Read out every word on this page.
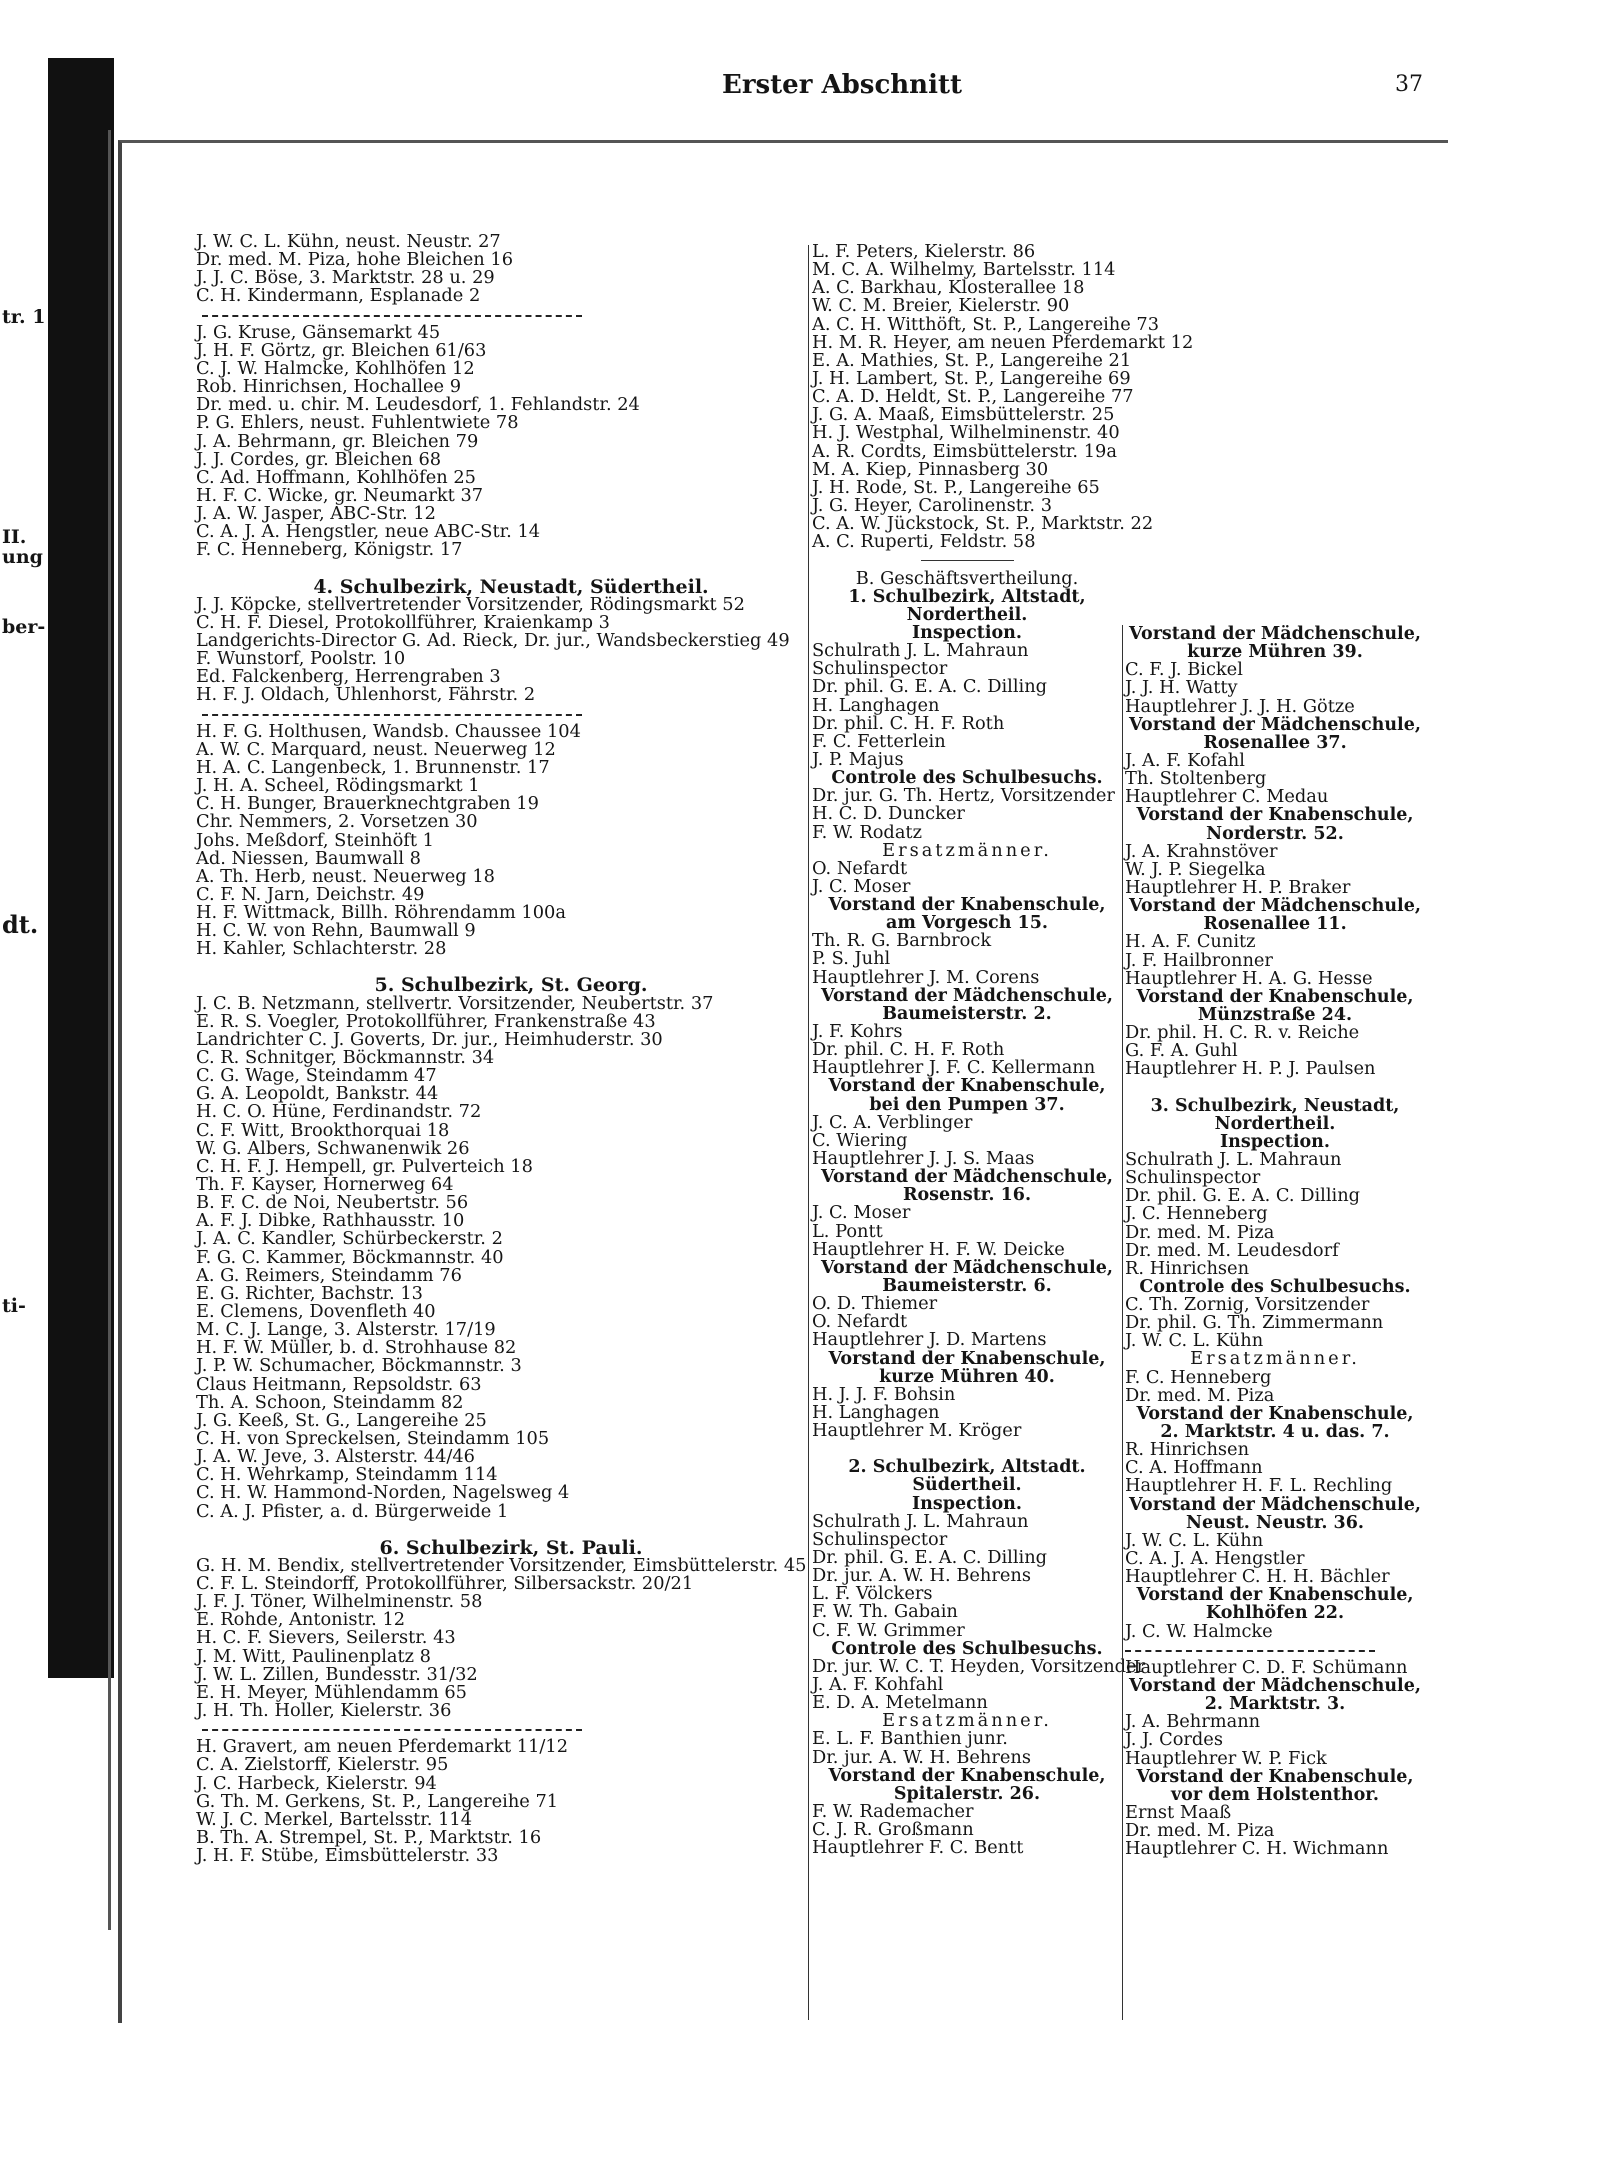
tr. 1
II.
ung
ber-
dt.
ti-
Erster Abschnitt	37
J. W. C. L. Kühn, neust. Neustr. 27
Dr. med. M. Piza, hohe Bleichen 16
J. J. C. Böse, 3. Marktstr. 28 u. 29
C. H. Kindermann, Esplanade 2
J. G. Kruse, Gänsemarkt 45
J. H. F. Görtz, gr. Bleichen 61/63
C. J. W. Halmcke, Kohlhöfen 12
Rob. Hinrichsen, Hochallee 9
Dr. med. u. chir. M. Leudesdorf, 1. Fehlandstr. 24
P. G. Ehlers, neust. Fuhlentwiete 78
J. A. Behrmann, gr. Bleichen 79
J. J. Cordes, gr. Bleichen 68
C. Ad. Hoffmann, Kohlhöfen 25
H. F. C. Wicke, gr. Neumarkt 37
J. A. W. Jasper, ABC-Str. 12
C. A. J. A. Hengstler, neue ABC-Str. 14
F. C. Henneberg, Königstr. 17
4. Schulbezirk, Neustadt, Südertheil.
J. J. Köpcke, stellvertretender Vorsitzender, Rödingsmarkt 52
C. H. F. Diesel, Protokollführer, Kraienkamp 3
Landgerichts-Director G. Ad. Rieck, Dr. jur., Wandsbeckerstieg 49
F. Wunstorf, Poolstr. 10
Ed. Falckenberg, Herrengraben 3
H. F. J. Oldach, Uhlenhorst, Fährstr. 2
H. F. G. Holthusen, Wandsb. Chaussee 104
A. W. C. Marquard, neust. Neuerweg 12
H. A. C. Langenbeck, 1. Brunnenstr. 17
J. H. A. Scheel, Rödingsmarkt 1
C. H. Bunger, Brauerknechtgraben 19
Chr. Nemmers, 2. Vorsetzen 30
Johs. Meßdorf, Steinhöft 1
Ad. Niessen, Baumwall 8
A. Th. Herb, neust. Neuerweg 18
C. F. N. Jarn, Deichstr. 49
H. F. Wittmack, Billh. Röhrendamm 100a
H. C. W. von Rehn, Baumwall 9
H. Kahler, Schlachterstr. 28
5. Schulbezirk, St. Georg.
J. C. B. Netzmann, stellvertr. Vorsitzender, Neubertstr. 37
E. R. S. Voegler, Protokollführer, Frankenstraße 43
Landrichter C. J. Goverts, Dr. jur., Heimhuderstr. 30
C. R. Schnitger, Böckmannstr. 34
C. G. Wage, Steindamm 47
G. A. Leopoldt, Bankstr. 44
H. C. O. Hüne, Ferdinandstr. 72
C. F. Witt, Brookthorquai 18
W. G. Albers, Schwanenwik 26
C. H. F. J. Hempell, gr. Pulverteich 18
Th. F. Kayser, Hornerweg 64
B. F. C. de Noi, Neubertstr. 56
A. F. J. Dibke, Rathhausstr. 10
J. A. C. Kandler, Schürbeckerstr. 2
F. G. C. Kammer, Böckmannstr. 40
A. G. Reimers, Steindamm 76
E. G. Richter, Bachstr. 13
E. Clemens, Dovenfleth 40
M. C. J. Lange, 3. Alsterstr. 17/19
H. F. W. Müller, b. d. Strohhause 82
J. P. W. Schumacher, Böckmannstr. 3
Claus Heitmann, Repsoldstr. 63
Th. A. Schoon, Steindamm 82
J. G. Keeß, St. G., Langereihe 25
C. H. von Spreckelsen, Steindamm 105
J. A. W. Jeve, 3. Alsterstr. 44/46
C. H. Wehrkamp, Steindamm 114
C. H. W. Hammond-Norden, Nagelsweg 4
C. A. J. Pfister, a. d. Bürgerweide 1
6. Schulbezirk, St. Pauli.
G. H. M. Bendix, stellvertretender Vorsitzender, Eimsbüttelerstr. 45
C. F. L. Steindorff, Protokollführer, Silbersackstr. 20/21
J. F. J. Töner, Wilhelminenstr. 58
E. Rohde, Antonistr. 12
H. C. F. Sievers, Seilerstr. 43
J. M. Witt, Paulinenplatz 8
J. W. L. Zillen, Bundesstr. 31/32
E. H. Meyer, Mühlendamm 65
J. H. Th. Holler, Kielerstr. 36
H. Gravert, am neuen Pferdemarkt 11/12
C. A. Zielstorff, Kielerstr. 95
J. C. Harbeck, Kielerstr. 94
G. Th. M. Gerkens, St. P., Langereihe 71
W. J. C. Merkel, Bartelsstr. 114
B. Th. A. Strempel, St. P., Marktstr. 16
J. H. F. Stübe, Eimsbüttelerstr. 33
L. F. Peters, Kielerstr. 86
M. C. A. Wilhelmy, Bartelsstr. 114
A. C. Barkhau, Klosterallee 18
W. C. M. Breier, Kielerstr. 90
A. C. H. Witthöft, St. P., Langereihe 73
H. M. R. Heyer, am neuen Pferdemarkt 12
E. A. Mathies, St. P., Langereihe 21
J. H. Lambert, St. P., Langereihe 69
C. A. D. Heldt, St. P., Langereihe 77
J. G. A. Maaß, Eimsbüttelerstr. 25
H. J. Westphal, Wilhelminenstr. 40
A. R. Cordts, Eimsbüttelerstr. 19a
M. A. Kiep, Pinnasberg 30
J. H. Rode, St. P., Langereihe 65
J. G. Heyer, Carolinenstr. 3
C. A. W. Jückstock, St. P., Marktstr. 22
A. C. Ruperti, Feldstr. 58
B. Geschäftsvertheilung.
1. Schulbezirk, Altstadt,
Nordertheil.
Inspection.
Schulrath J. L. Mahraun
Schulinspector
Dr. phil. G. E. A. C. Dilling
H. Langhagen
Dr. phil. C. H. F. Roth
F. C. Fetterlein
J. P. Majus
Controle des Schulbesuchs.
Dr. jur. G. Th. Hertz, Vorsitzender
H. C. D. Duncker
F. W. Rodatz
Ersatzmänner.
O. Nefardt
J. C. Moser
Vorstand der Knabenschule,
am Vorgesch 15.
Th. R. G. Barnbrock
P. S. Juhl
Hauptlehrer J. M. Corens
Vorstand der Mädchenschule,
Baumeisterstr. 2.
J. F. Kohrs
Dr. phil. C. H. F. Roth
Hauptlehrer J. F. C. Kellermann
Vorstand der Knabenschule,
bei den Pumpen 37.
J. C. A. Verblinger
C. Wiering
Hauptlehrer J. J. S. Maas
Vorstand der Mädchenschule,
Rosenstr. 16.
J. C. Moser
L. Pontt
Hauptlehrer H. F. W. Deicke
Vorstand der Mädchenschule,
Baumeisterstr. 6.
O. D. Thiemer
O. Nefardt
Hauptlehrer J. D. Martens
Vorstand der Knabenschule,
kurze Mühren 40.
H. J. J. F. Bohsin
H. Langhagen
Hauptlehrer M. Kröger
2. Schulbezirk, Altstadt.
Südertheil.
Inspection.
Schulrath J. L. Mahraun
Schulinspector
Dr. phil. G. E. A. C. Dilling
Dr. jur. A. W. H. Behrens
L. F. Völckers
F. W. Th. Gabain
C. F. W. Grimmer
Controle des Schulbesuchs.
Dr. jur. W. C. T. Heyden, Vorsitzender
J. A. F. Kohfahl
E. D. A. Metelmann
Ersatzmänner.
E. L. F. Banthien junr.
Dr. jur. A. W. H. Behrens
Vorstand der Knabenschule,
Spitalerstr. 26.
F. W. Rademacher
C. J. R. Großmann
Hauptlehrer F. C. Bentt
Vorstand der Mädchenschule,
kurze Mühren 39.
C. F. J. Bickel
J. J. H. Watty
Hauptlehrer J. J. H. Götze
Vorstand der Mädchenschule,
Rosenallee 37.
J. A. F. Kofahl
Th. Stoltenberg
Hauptlehrer C. Medau
Vorstand der Knabenschule,
Norderstr. 52.
J. A. Krahnstöver
W. J. P. Siegelka
Hauptlehrer H. P. Braker
Vorstand der Mädchenschule,
Rosenallee 11.
H. A. F. Cunitz
J. F. Hailbronner
Hauptlehrer H. A. G. Hesse
Vorstand der Knabenschule,
Münzstraße 24.
Dr. phil. H. C. R. v. Reiche
G. F. A. Guhl
Hauptlehrer H. P. J. Paulsen
3. Schulbezirk, Neustadt,
Nordertheil.
Inspection.
Schulrath J. L. Mahraun
Schulinspector
Dr. phil. G. E. A. C. Dilling
J. C. Henneberg
Dr. med. M. Piza
Dr. med. M. Leudesdorf
R. Hinrichsen
Controle des Schulbesuchs.
C. Th. Zornig, Vorsitzender
Dr. phil. G. Th. Zimmermann
J. W. C. L. Kühn
Ersatzmänner.
F. C. Henneberg
Dr. med. M. Piza
Vorstand der Knabenschule,
2. Marktstr. 4 u. das. 7.
R. Hinrichsen
C. A. Hoffmann
Hauptlehrer H. F. L. Rechling
Vorstand der Mädchenschule,
Neust. Neustr. 36.
J. W. C. L. Kühn
C. A. J. A. Hengstler
Hauptlehrer C. H. H. Bächler
Vorstand der Knabenschule,
Kohlhöfen 22.
J. C. W. Halmcke
Hauptlehrer C. D. F. Schümann
Vorstand der Mädchenschule,
2. Marktstr. 3.
J. A. Behrmann
J. J. Cordes
Hauptlehrer W. P. Fick
Vorstand der Knabenschule,
vor dem Holstenthor.
Ernst Maaß
Dr. med. M. Piza
Hauptlehrer C. H. Wichmann
